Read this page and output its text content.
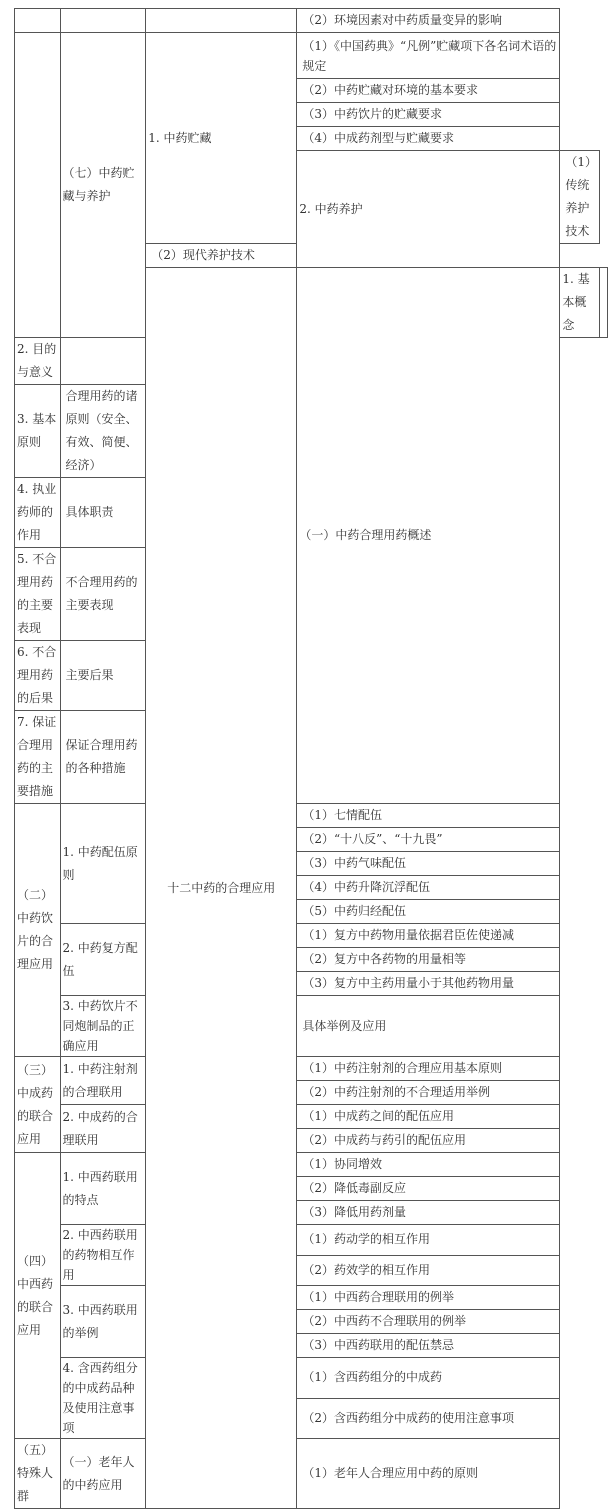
			（2）环境因素对中药质量变异的影响		
	（七）中药贮藏与养护	1. 中药贮藏	（1）《中国药典》“凡例”贮藏项下各名词术语的规定		
			（2）中药贮藏对环境的基本要求		
			（3）中药饮片的贮藏要求		
			（4）中成药剂型与贮藏要求		
			2. 中药养护	（1）传统养护技术	
		（2）现代养护技术			
		十二中药的合理应用	（一）中药合理用药概述	1. 基本概念	
2. 目的与意义					
3. 基本原则	合理用药的诸原则（安全、有效、简便、经济）				
4. 执业药师的作用	具体职责				
5. 不合理用药的主要表现	不合理用药的主要表现				
6. 不合理用药的后果	主要后果				
7. 保证合理用药的主要措施	保证合理用药的各种措施				
（二）中药饮片的合理应用	1. 中药配伍原则		（1）七情配伍		
			（2）“十八反”、“十九畏”		
			（3）中药气味配伍		
			（4）中药升降沉浮配伍		
			（5）中药归经配伍		
	2. 中药复方配伍		（1）复方中药物用量依据君臣佐使递减		
			（2）复方中各药物的用量相等		
			（3）复方中主药用量小于其他药物用量		
	3. 中药饮片不同炮制品的正确应用		具体举例及应用		
（三）中成药的联合应用	1. 中药注射剂的合理联用		（1）中药注射剂的合理应用基本原则		
			（2）中药注射剂的不合理适用举例		
	2. 中成药的合理联用		（1）中成药之间的配伍应用		
			（2）中成药与药引的配伍应用		
（四）中西药的联合应用	1. 中西药联用的特点		（1）协同增效		
			（2）降低毒副反应		
			（3）降低用药剂量		
	2. 中西药联用的药物相互作用		（1）药动学的相互作用		
			（2）药效学的相互作用		
	3. 中西药联用的举例		（1）中西药合理联用的例举		
			（2）中西药不合理联用的例举		
			（3）中西药联用的配伍禁忌		
	4. 含西药组分的中成药品种及使用注意事项		（1）含西药组分的中成药		
			（2）含西药组分中成药的使用注意事项		
（五）特殊人群	（一）老年人的中药应用		（1）老年人合理应用中药的原则		
